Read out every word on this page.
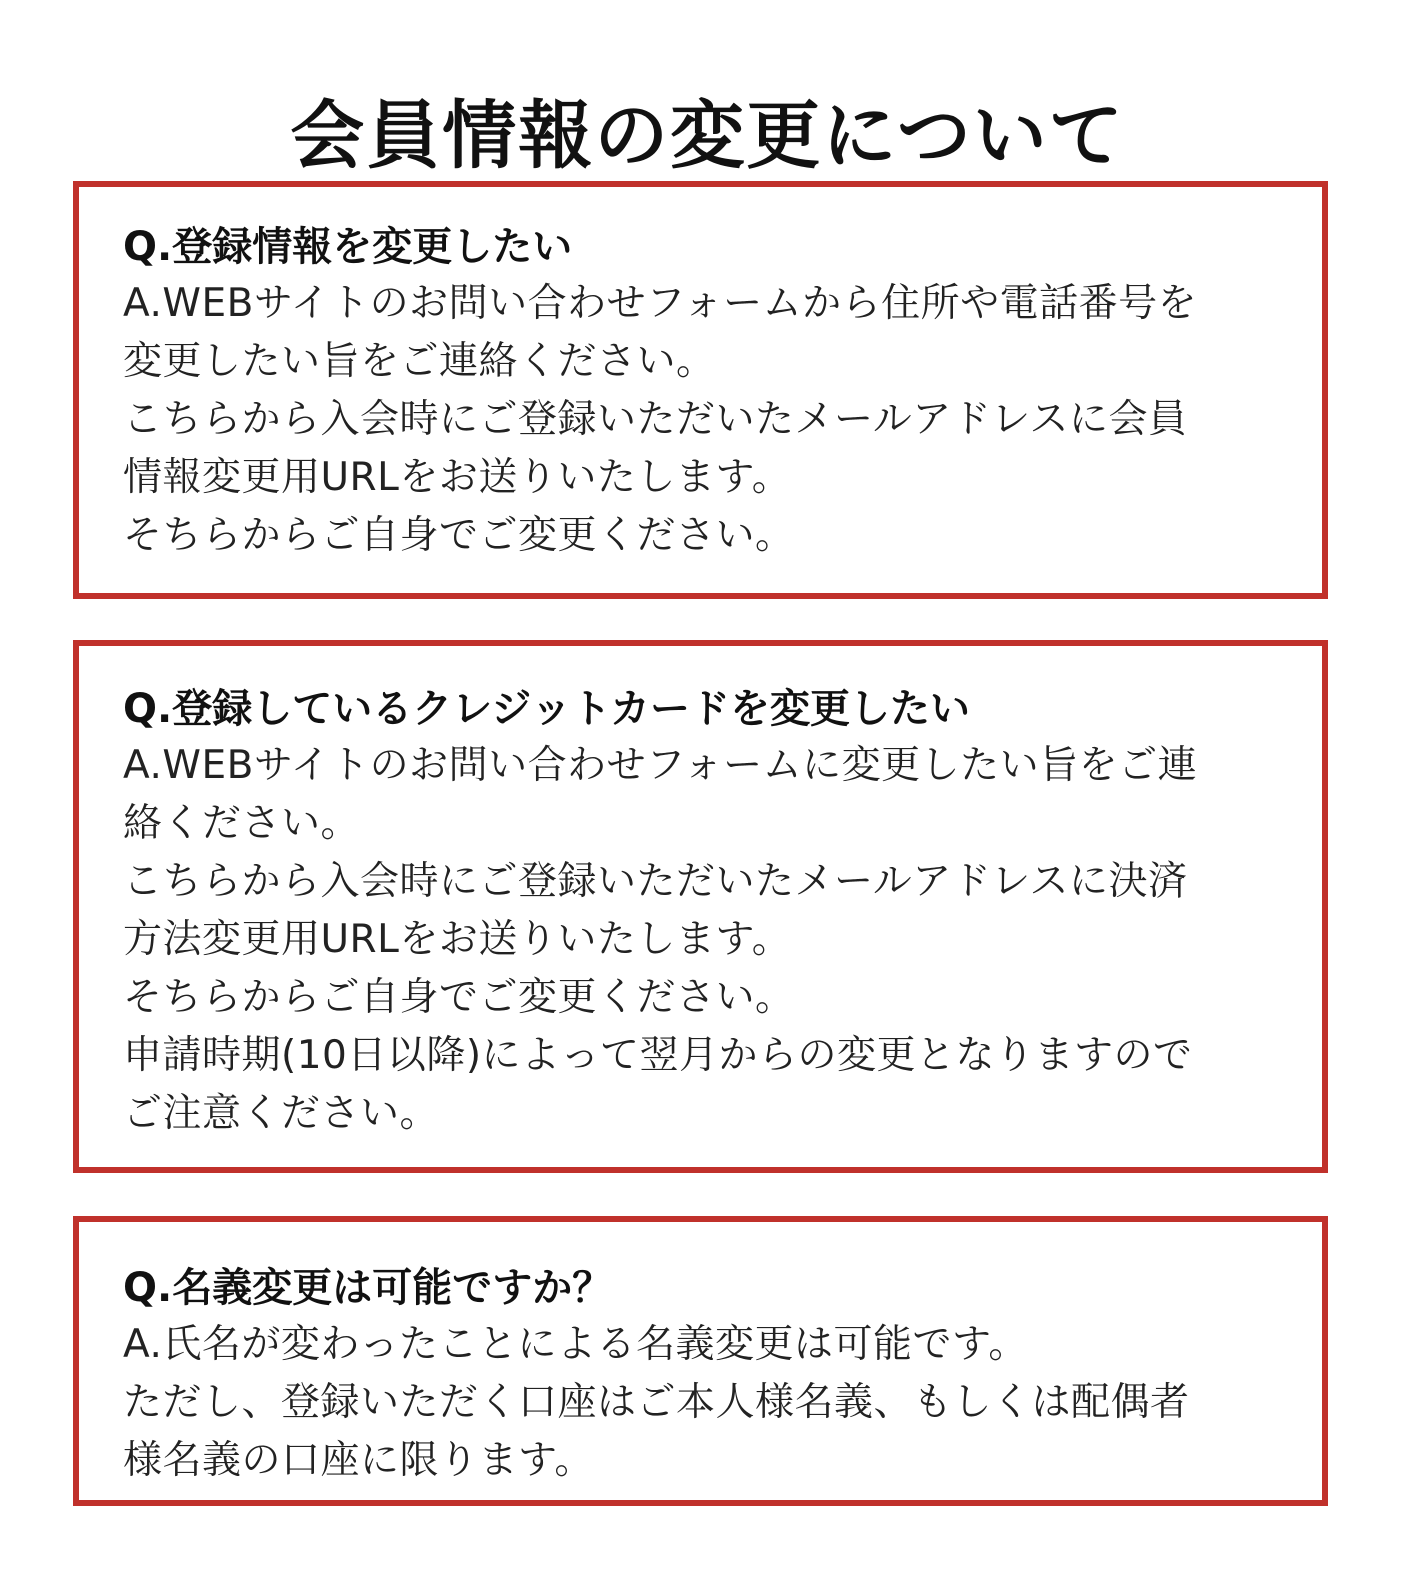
会員情報の変更について
Q.登録情報を変更したい
A.WEBサイトのお問い合わせフォームから住所や電話番号を
変更したい旨をご連絡ください。
こちらから入会時にご登録いただいたメールアドレスに会員
情報変更用URLをお送りいたします。
そちらからご自身でご変更ください。
Q.登録しているクレジットカードを変更したい
A.WEBサイトのお問い合わせフォームに変更したい旨をご連
絡ください。
こちらから入会時にご登録いただいたメールアドレスに決済
方法変更用URLをお送りいたします。
そちらからご自身でご変更ください。
申請時期(10日以降)によって翌月からの変更となりますので
ご注意ください。
Q.名義変更は可能ですか？
A.氏名が変わったことによる名義変更は可能です。
ただし、登録いただく口座はご本人様名義、もしくは配偶者
様名義の口座に限ります。
